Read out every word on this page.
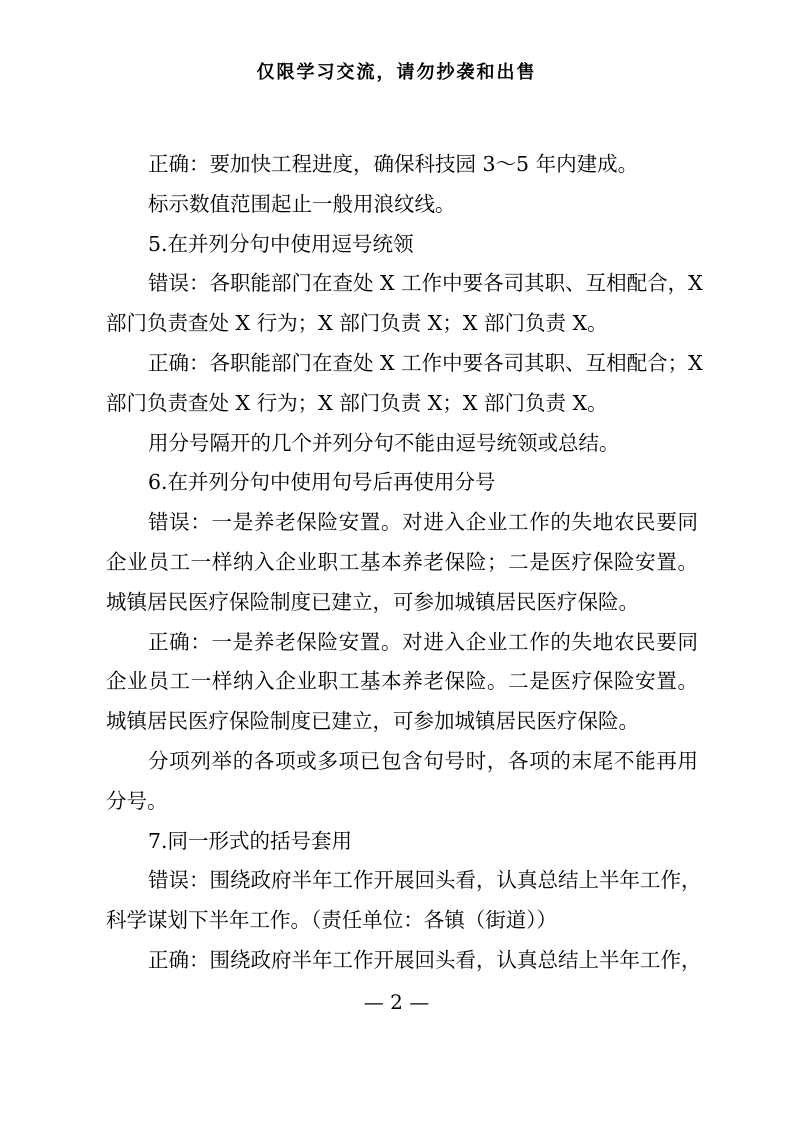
仅限学习交流，请勿抄袭和出售
正确：要加快工程进度，确保科技园 3～5 年内建成。
标示数值范围起止一般用浪纹线。
5.在并列分句中使用逗号统领
错误：各职能部门在查处 X 工作中要各司其职、互相配合，X
部门负责查处 X 行为；X 部门负责 X；X 部门负责 X。
正确：各职能部门在查处 X 工作中要各司其职、互相配合；X
部门负责查处 X 行为；X 部门负责 X；X 部门负责 X。
用分号隔开的几个并列分句不能由逗号统领或总结。
6.在并列分句中使用句号后再使用分号
错误：一是养老保险安置。对进入企业工作的失地农民要同
企业员工一样纳入企业职工基本养老保险；二是医疗保险安置。
城镇居民医疗保险制度已建立，可参加城镇居民医疗保险。
正确：一是养老保险安置。对进入企业工作的失地农民要同
企业员工一样纳入企业职工基本养老保险。二是医疗保险安置。
城镇居民医疗保险制度已建立，可参加城镇居民医疗保险。
分项列举的各项或多项已包含句号时，各项的末尾不能再用
分号。
7.同一形式的括号套用
错误：围绕政府半年工作开展回头看，认真总结上半年工作，
科学谋划下半年工作。（责任单位：各镇（街道））
正确：围绕政府半年工作开展回头看，认真总结上半年工作，
— 2 —
